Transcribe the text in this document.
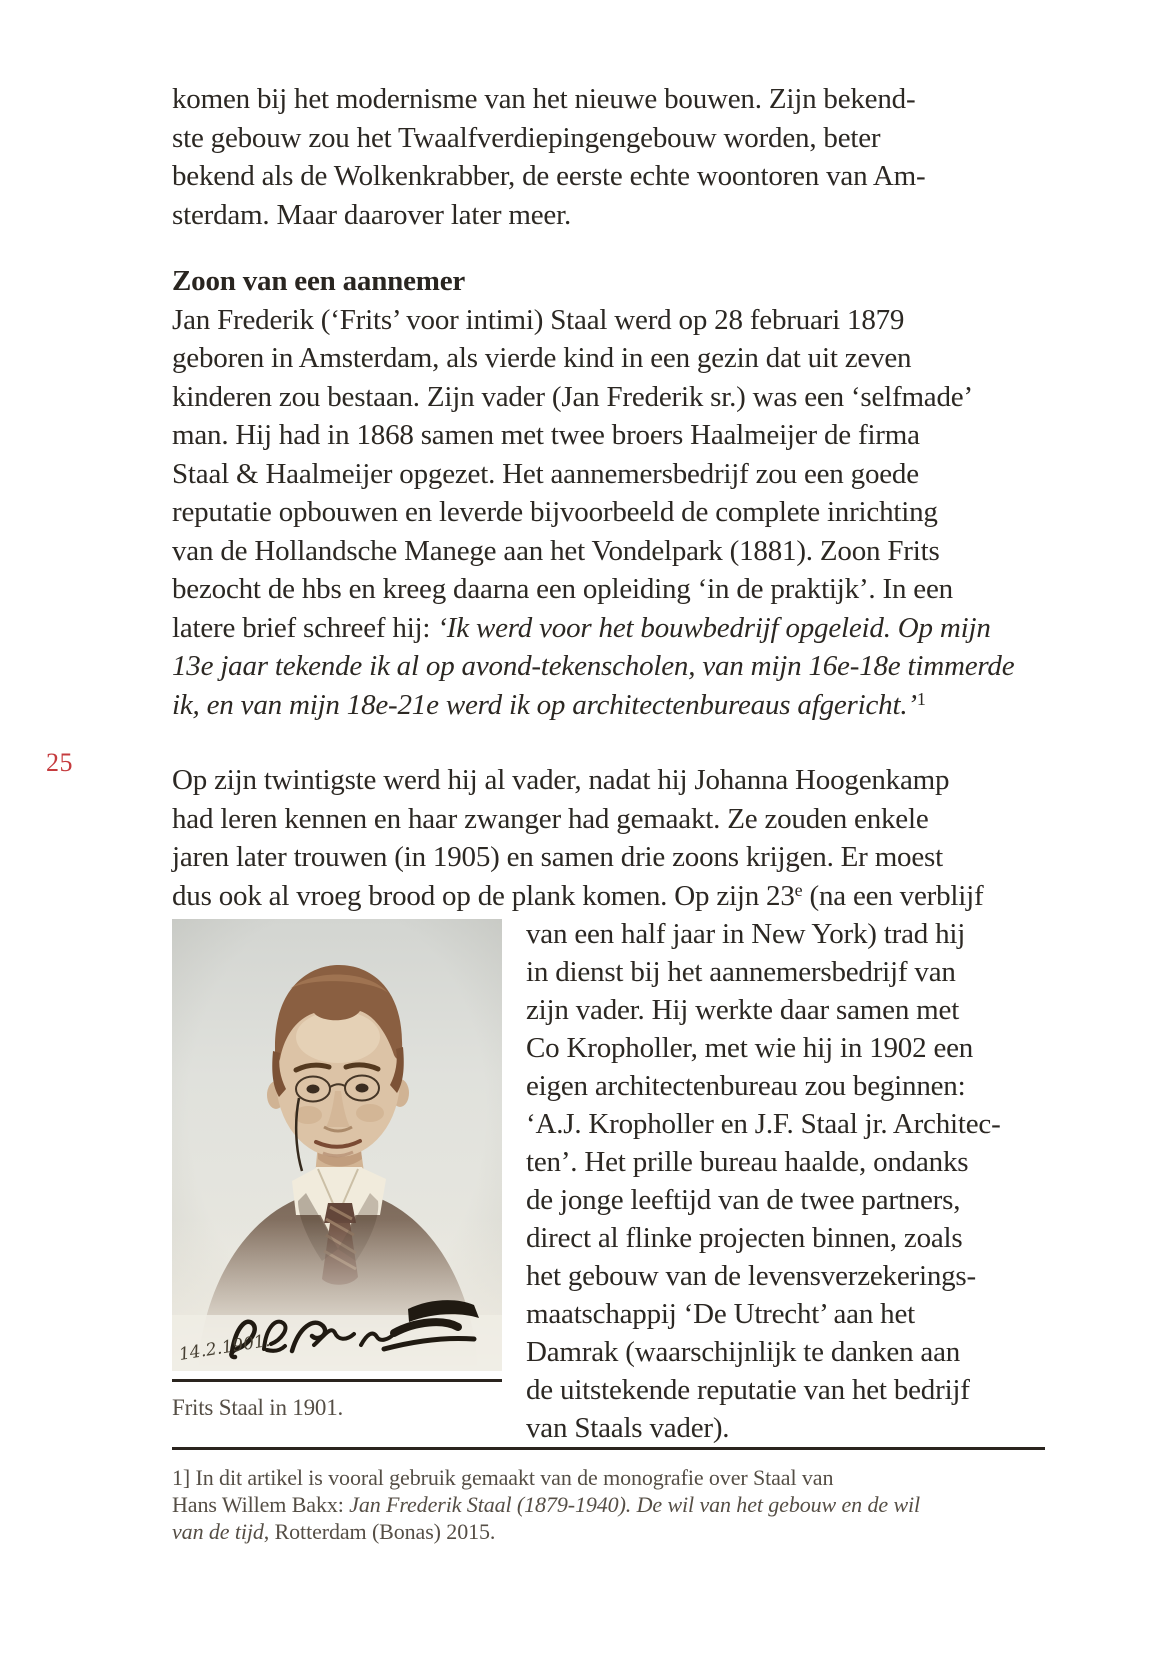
25
komen bij het modernisme van het nieuwe bouwen. Zijn bekend-
ste gebouw zou het Twaalfverdiepingengebouw worden, beter
bekend als de Wolkenkrabber, de eerste echte woontoren van Am-
sterdam. Maar daarover later meer.
Zoon van een aannemer
Jan Frederik (‘Frits’ voor intimi) Staal werd op 28 februari 1879
geboren in Amsterdam, als vierde kind in een gezin dat uit zeven
kinderen zou bestaan. Zijn vader (Jan Frederik sr.) was een ‘selfmade’
man. Hij had in 1868 samen met twee broers Haalmeijer de firma
Staal & Haalmeijer opgezet. Het aannemersbedrijf zou een goede
reputatie opbouwen en leverde bijvoorbeeld de complete inrichting
van de Hollandsche Manege aan het Vondelpark (1881). Zoon Frits
bezocht de hbs en kreeg daarna een opleiding ‘in de praktijk’. In een
latere brief schreef hij: ‘Ik werd voor het bouwbedrijf opgeleid. Op mijn
13e jaar tekende ik al op avond-tekenscholen, van mijn 16e-18e timmerde
ik, en van mijn 18e-21e werd ik op architectenbureaus afgericht.’$^1$
Op zijn twintigste werd hij al vader, nadat hij Johanna Hoogenkamp
had leren kennen en haar zwanger had gemaakt. Ze zouden enkele
jaren later trouwen (in 1905) en samen drie zoons krijgen. Er moest
dus ook al vroeg brood op de plank komen. Op zijn 23e (na een verblijf
14.2.1901.
Frits Staal in 1901.
van een half jaar in New York) trad hij
in dienst bij het aannemersbedrijf van
zijn vader. Hij werkte daar samen met
Co Kropholler, met wie hij in 1902 een
eigen architectenbureau zou beginnen:
‘A.J. Kropholler en J.F. Staal jr. Architec-
ten’. Het prille bureau haalde, ondanks
de jonge leeftijd van de twee partners,
direct al flinke projecten binnen, zoals
het gebouw van de levensverzekerings-
maatschappij ‘De Utrecht’ aan het
Damrak (waarschijnlijk te danken aan
de uitstekende reputatie van het bedrijf
van Staals vader).
1] In dit artikel is vooral gebruik gemaakt van de monografie over Staal van
Hans Willem Bakx: Jan Frederik Staal (1879-1940). De wil van het gebouw en de wil
van de tijd, Rotterdam (Bonas) 2015.
